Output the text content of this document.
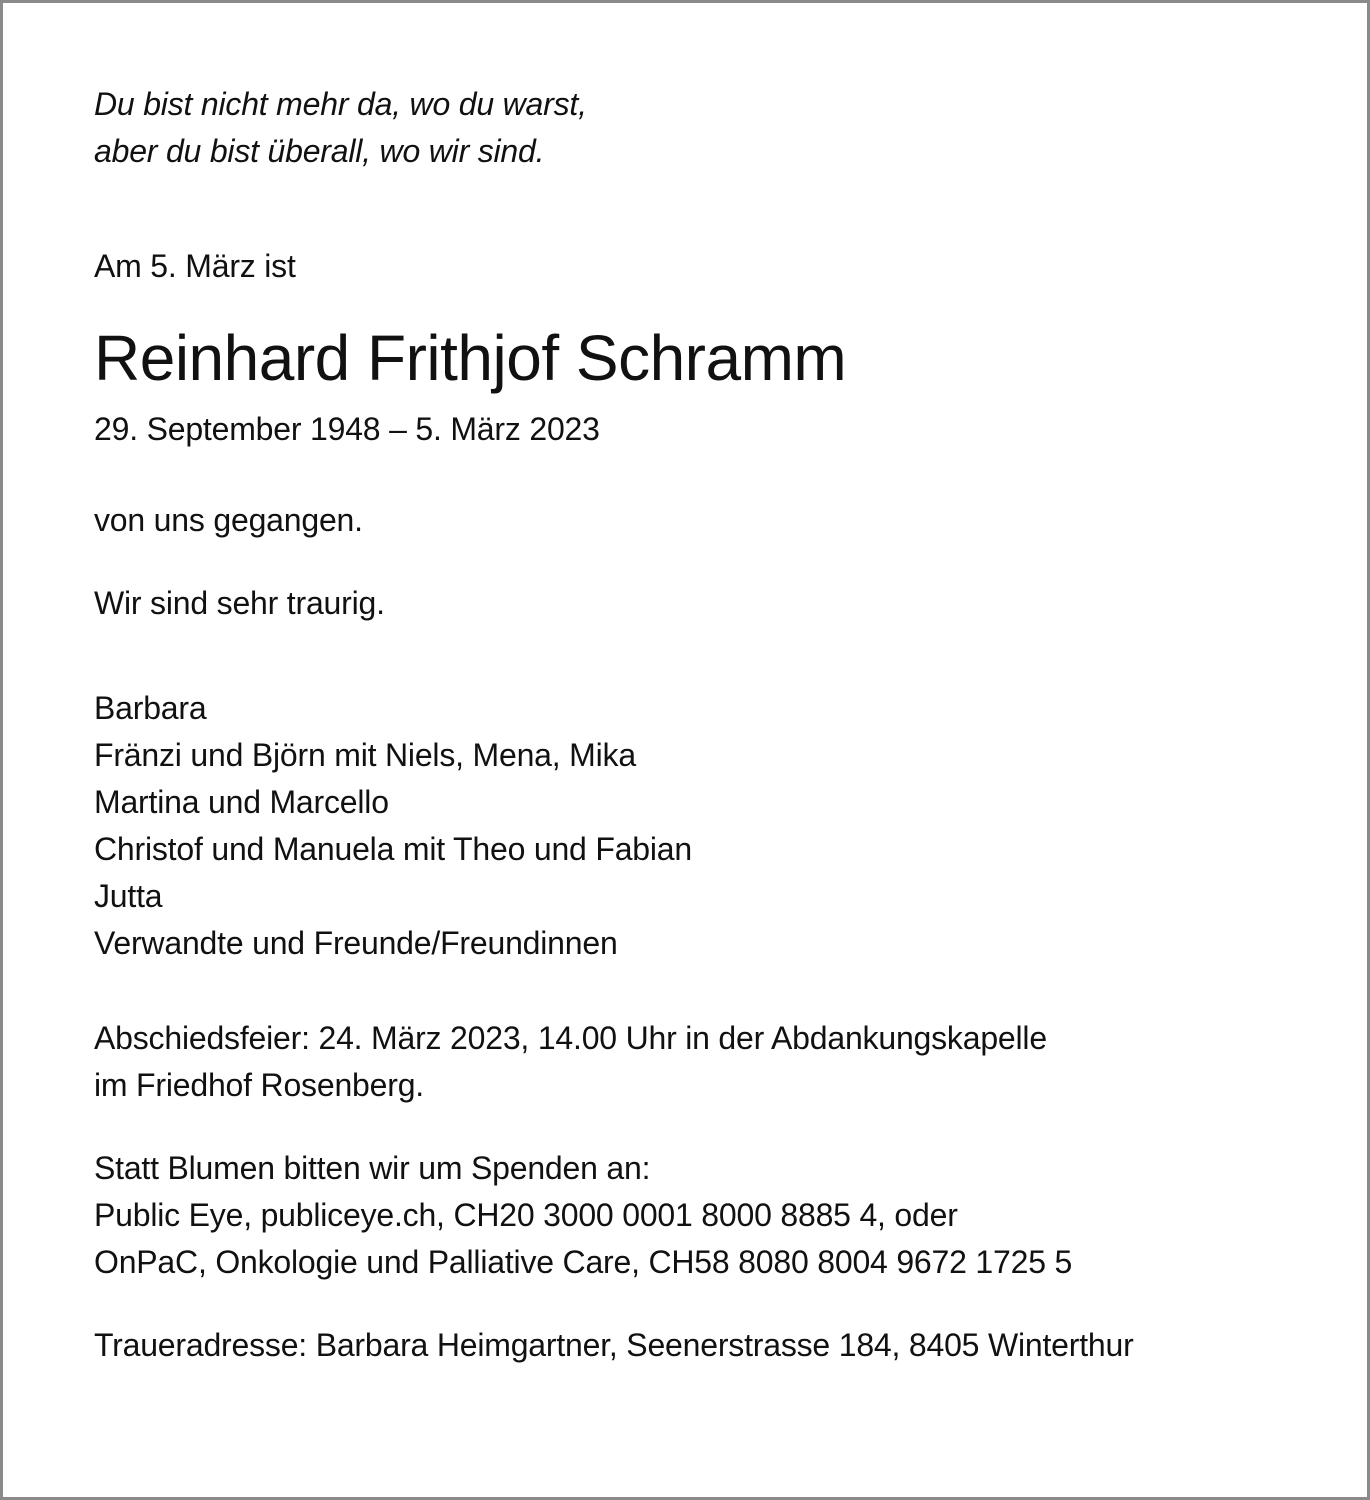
Du bist nicht mehr da, wo du warst,
aber du bist überall, wo wir sind.
Am 5. März ist
Reinhard Frithjof Schramm
29. September 1948 – 5. März 2023
von uns gegangen.
Wir sind sehr traurig.
Barbara
Fränzi und Björn mit Niels, Mena, Mika
Martina und Marcello
Christof und Manuela mit Theo und Fabian
Jutta
Verwandte und Freunde/Freundinnen
Abschiedsfeier: 24. März 2023, 14.00 Uhr in der Abdankungskapelle
im Friedhof Rosenberg.
Statt Blumen bitten wir um Spenden an:
Public Eye, publiceye.ch, CH20 3000 0001 8000 8885 4, oder
OnPaC, Onkologie und Palliative Care, CH58 8080 8004 9672 1725 5
Traueradresse: Barbara Heimgartner, Seenerstrasse 184, 8405 Winterthur
